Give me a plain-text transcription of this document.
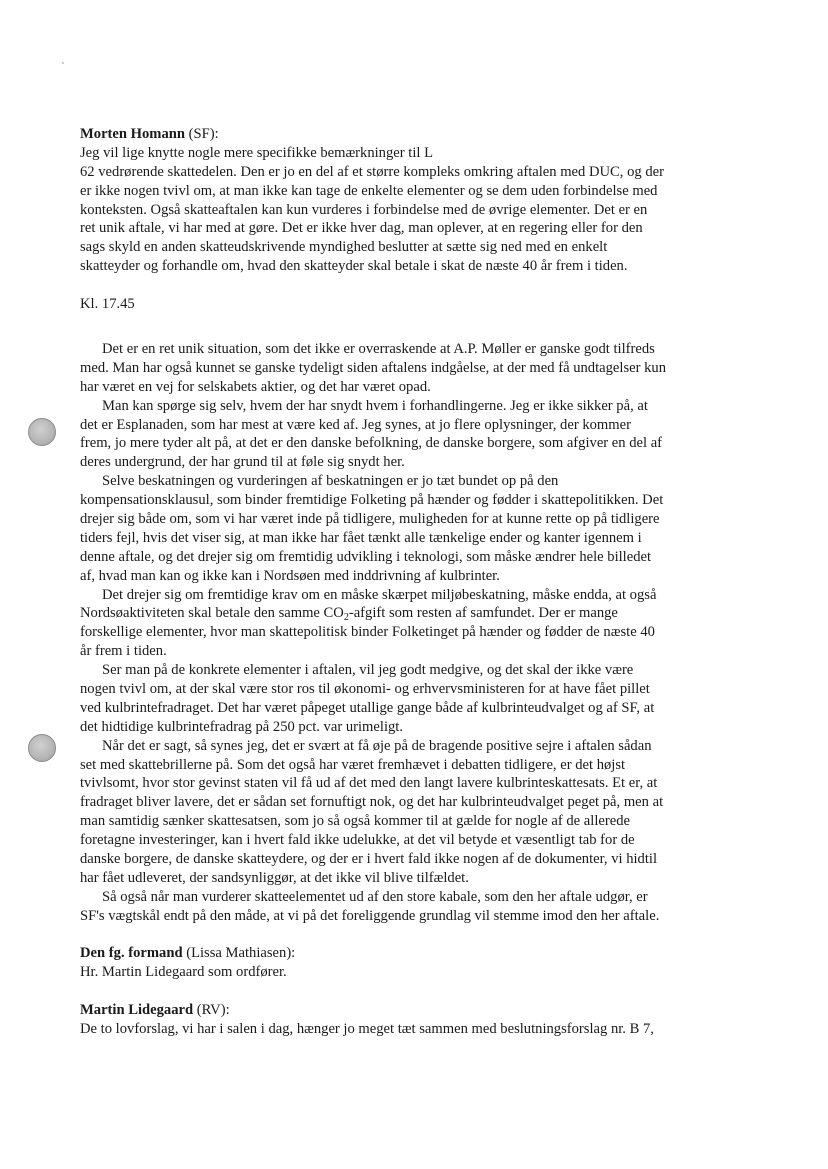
Morten Homann (SF):
Jeg vil lige knytte nogle mere specifikke bemærkninger til L
62 vedrørende skattedelen. Den er jo en del af et større kompleks omkring aftalen med DUC, og der
er ikke nogen tvivl om, at man ikke kan tage de enkelte elementer og se dem uden forbindelse med
konteksten. Også skatteaftalen kan kun vurderes i forbindelse med de øvrige elementer. Det er en
ret unik aftale, vi har med at gøre. Det er ikke hver dag, man oplever, at en regering eller for den
sags skyld en anden skatteudskrivende myndighed beslutter at sætte sig ned med en enkelt
skatteyder og forhandle om, hvad den skatteyder skal betale i skat de næste 40 år frem i tiden.
Kl. 17.45
Det er en ret unik situation, som det ikke er overraskende at A.P. Møller er ganske godt tilfreds
med. Man har også kunnet se ganske tydeligt siden aftalens indgåelse, at der med få undtagelser kun
har været en vej for selskabets aktier, og det har været opad.
Man kan spørge sig selv, hvem der har snydt hvem i forhandlingerne. Jeg er ikke sikker på, at
det er Esplanaden, som har mest at være ked af. Jeg synes, at jo flere oplysninger, der kommer
frem, jo mere tyder alt på, at det er den danske befolkning, de danske borgere, som afgiver en del af
deres undergrund, der har grund til at føle sig snydt her.
Selve beskatningen og vurderingen af beskatningen er jo tæt bundet op på den
kompensationsklausul, som binder fremtidige Folketing på hænder og fødder i skattepolitikken. Det
drejer sig både om, som vi har været inde på tidligere, muligheden for at kunne rette op på tidligere
tiders fejl, hvis det viser sig, at man ikke har fået tænkt alle tænkelige ender og kanter igennem i
denne aftale, og det drejer sig om fremtidig udvikling i teknologi, som måske ændrer hele billedet
af, hvad man kan og ikke kan i Nordsøen med inddrivning af kulbrinter.
Det drejer sig om fremtidige krav om en måske skærpet miljøbeskatning, måske endda, at også
Nordsøaktiviteten skal betale den samme $CO_2$-afgift som resten af samfundet. Der er mange
forskellige elementer, hvor man skattepolitisk binder Folketinget på hænder og fødder de næste 40
år frem i tiden.
Ser man på de konkrete elementer i aftalen, vil jeg godt medgive, og det skal der ikke være
nogen tvivl om, at der skal være stor ros til økonomi- og erhvervsministeren for at have fået pillet
ved kulbrintefradraget. Det har været påpeget utallige gange både af kulbrinteudvalget og af SF, at
det hidtidige kulbrintefradrag på 250 pct. var urimeligt.
Når det er sagt, så synes jeg, det er svært at få øje på de bragende positive sejre i aftalen sådan
set med skattebrillerne på. Som det også har været fremhævet i debatten tidligere, er det højst
tvivlsomt, hvor stor gevinst staten vil få ud af det med den langt lavere kulbrinteskattesats. Et er, at
fradraget bliver lavere, det er sådan set fornuftigt nok, og det har kulbrinteudvalget peget på, men at
man samtidig sænker skattesatsen, som jo så også kommer til at gælde for nogle af de allerede
foretagne investeringer, kan i hvert fald ikke udelukke, at det vil betyde et væsentligt tab for de
danske borgere, de danske skatteydere, og der er i hvert fald ikke nogen af de dokumenter, vi hidtil
har fået udleveret, der sandsynliggør, at det ikke vil blive tilfældet.
Så også når man vurderer skatteelementet ud af den store kabale, som den her aftale udgør, er
SF's vægtskål endt på den måde, at vi på det foreliggende grundlag vil stemme imod den her aftale.
Den fg. formand (Lissa Mathiasen):
Hr. Martin Lidegaard som ordfører.
Martin Lidegaard (RV):
De to lovforslag, vi har i salen i dag, hænger jo meget tæt sammen med beslutningsforslag nr. B 7,
